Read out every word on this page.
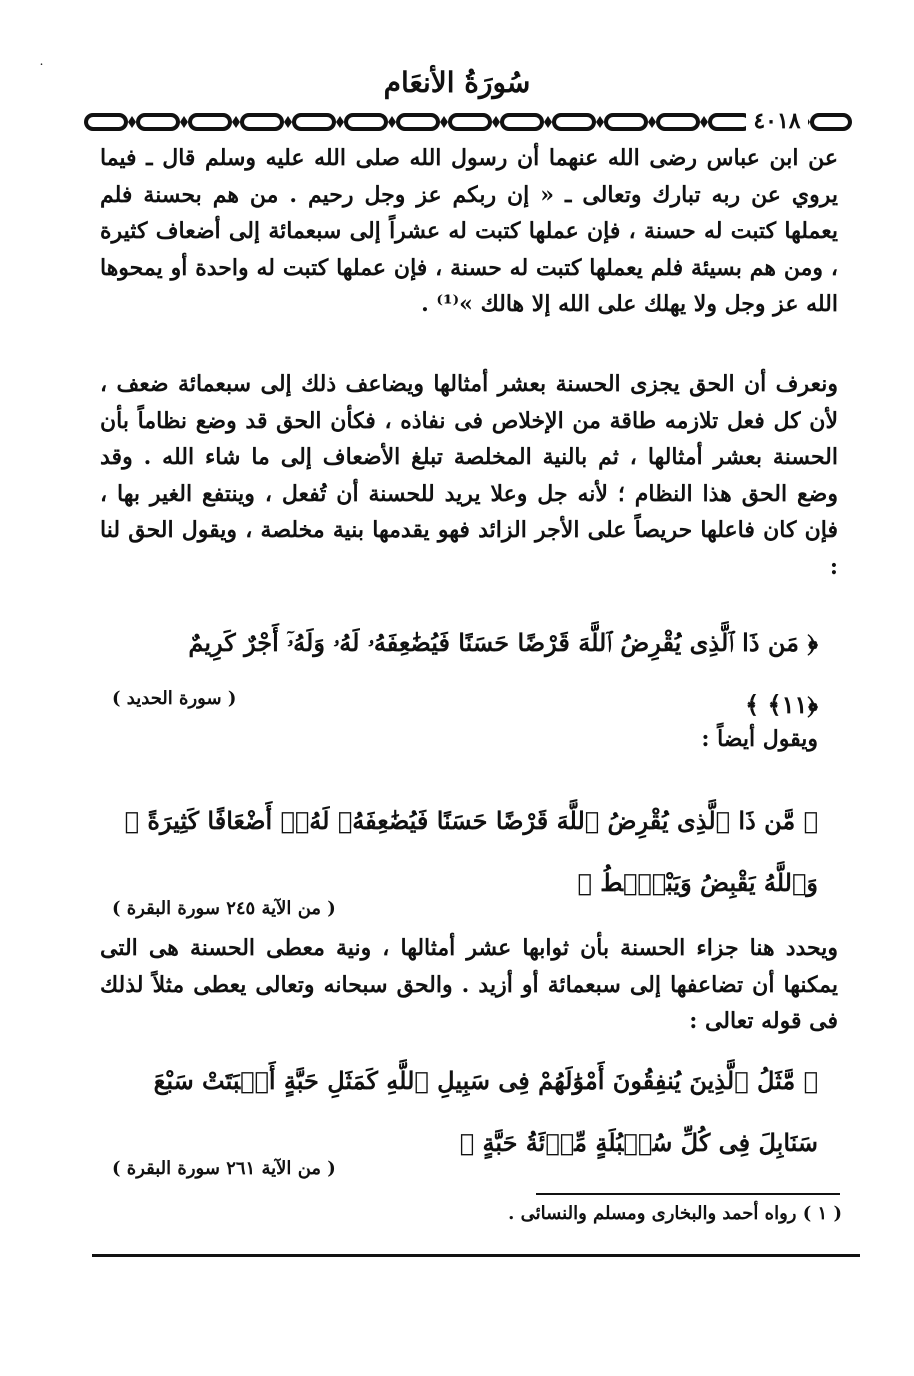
˙	سُورَةُ الأنعَام
٤٠١٨
عن ابن عباس رضى الله عنهما أن رسول الله صلى الله عليه وسلم قال ـ فيما يروي عن ربه تبارك وتعالى ـ « إن ربكم عز وجل رحيم . من هم بحسنة فلم يعملها كتبت له حسنة ، فإن عملها كتبت له عشراً إلى سبعمائة إلى أضعاف كثيرة ، ومن هم بسيئة فلم يعملها كتبت له حسنة ، فإن عملها كتبت له واحدة أو يمحوها الله عز وجل ولا يهلك على الله إلا هالك »⁽¹⁾ .
ونعرف أن الحق يجزى الحسنة بعشر أمثالها ويضاعف ذلك إلى سبعمائة ضعف ، لأن كل فعل تلازمه طاقة من الإخلاص فى نفاذه ، فكأن الحق قد وضع نظاماً بأن الحسنة بعشر أمثالها ، ثم بالنية المخلصة تبلغ الأضعاف إلى ما شاء الله . وقد وضع الحق هذا النظام ؛ لأنه جل وعلا يريد للحسنة أن تُفعل ، وينتفع الغير بها ، فإن كان فاعلها حريصاً على الأجر الزائد فهو يقدمها بنية مخلصة ، ويقول الحق لنا :
﴿ مَن ذَا ٱلَّذِى يُقْرِضُ ٱللَّهَ قَرْضًا حَسَنًا فَيُضَٰعِفَهُۥ لَهُۥ وَلَهُۥٓ أَجْرٌ كَرِيمٌ ﴿١١﴾ ﴾
( سورة الحديد )
ويقول أيضاً :
﴿ مَّن ذَا ٱلَّذِى يُقْرِضُ ٱللَّهَ قَرْضًا حَسَنًا فَيُضَٰعِفَهُۥ لَهُۥٓ أَضْعَافًا كَثِيرَةً ۚ وَٱللَّهُ يَقْبِضُ وَيَبْصُۜطُ ﴾
( من الآية ٢٤٥ سورة البقرة )
ويحدد هنا جزاء الحسنة بأن ثوابها عشر أمثالها ، ونية معطى الحسنة هى التى يمكنها أن تضاعفها إلى سبعمائة أو أزيد . والحق سبحانه وتعالى يعطى مثلاً لذلك فى قوله تعالى :
﴿ مَّثَلُ ٱلَّذِينَ يُنفِقُونَ أَمْوَٰلَهُمْ فِى سَبِيلِ ٱللَّهِ كَمَثَلِ حَبَّةٍ أَنۢبَتَتْ سَبْعَ سَنَابِلَ فِى كُلِّ سُنۢبُلَةٍ مِّا۟ئَةُ حَبَّةٍ ﴾
( من الآية ٢٦١ سورة البقرة )
( ١ ) رواه أحمد والبخارى ومسلم والنسائى .
